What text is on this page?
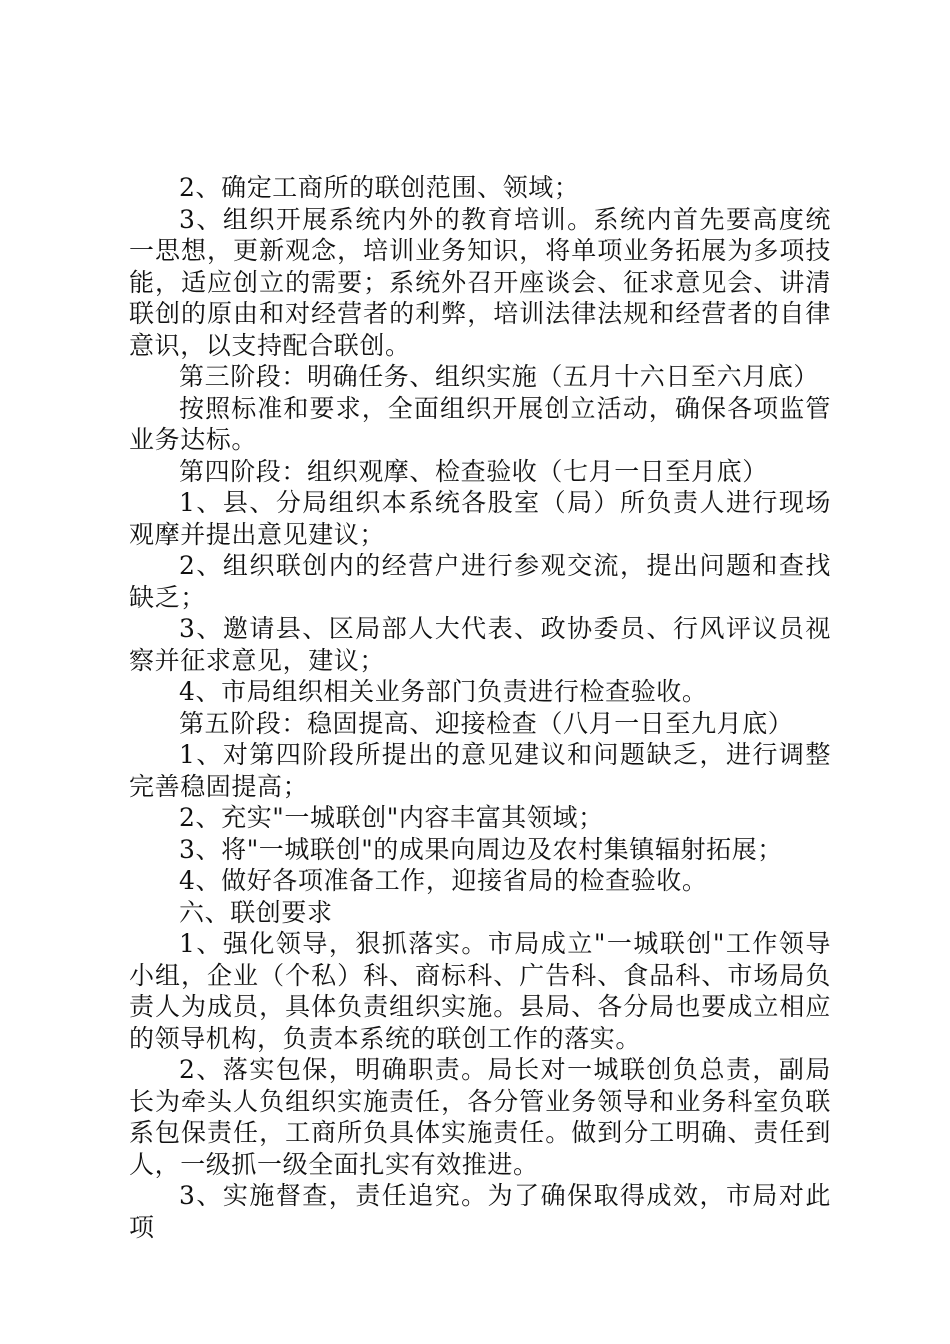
2、确定工商所的联创范围、领域；

3、组织开展系统内外的教育培训。系统内首先要高度统一思想，更新观念，培训业务知识，将单项业务拓展为多项技能，适应创立的需要；系统外召开座谈会、征求意见会、讲清联创的原由和对经营者的利弊，培训法律法规和经营者的自律意识，以支持配合联创。

第三阶段：明确任务、组织实施（五月十六日至六月底）

按照标准和要求，全面组织开展创立活动，确保各项监管业务达标。

第四阶段：组织观摩、检查验收（七月一日至月底）

1、县、分局组织本系统各股室（局）所负责人进行现场观摩并提出意见建议；

2、组织联创内的经营户进行参观交流，提出问题和查找缺乏；

3、邀请县、区局部人大代表、政协委员、行风评议员视察并征求意见，建议；

4、市局组织相关业务部门负责进行检查验收。

第五阶段：稳固提高、迎接检查（八月一日至九月底）

1、对第四阶段所提出的意见建议和问题缺乏，进行调整完善稳固提高；

2、充实"一城联创"内容丰富其领域；

3、将"一城联创"的成果向周边及农村集镇辐射拓展；

4、做好各项准备工作，迎接省局的检查验收。

六、联创要求

1、强化领导，狠抓落实。市局成立"一城联创"工作领导小组，企业（个私）科、商标科、广告科、食品科、市场局负责人为成员，具体负责组织实施。县局、各分局也要成立相应的领导机构，负责本系统的联创工作的落实。

2、落实包保，明确职责。局长对一城联创负总责，副局长为牵头人负组织实施责任，各分管业务领导和业务科室负联系包保责任，工商所负具体实施责任。做到分工明确、责任到人，一级抓一级全面扎实有效推进。

3、实施督查，责任追究。为了确保取得成效，市局对此项
